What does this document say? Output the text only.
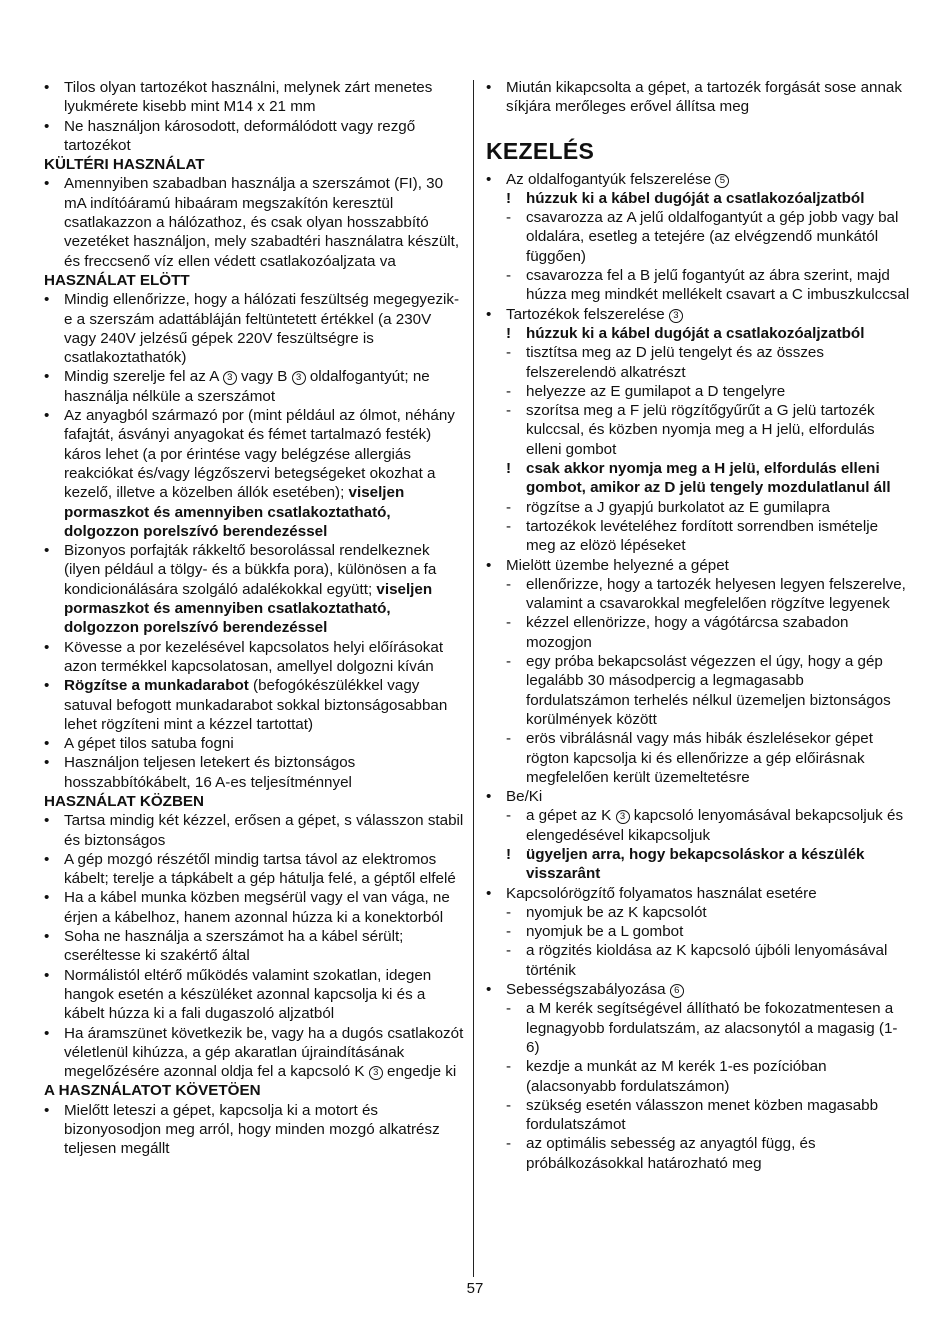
• Tilos olyan tartozékot használni, melynek zárt menetes lyukmérete kisebb mint M14 x 21 mm
• Ne használjon károsodott, deformálódott vagy rezgő tartozékot
KÜLTÉRI HASZNÁLAT
• Amennyiben szabadban használja a szerszámot (FI), 30 mA indítóáramú hibaáram megszakítón keresztül csatlakazzon a hálózathoz, és csak olyan hosszabbító vezetéket használjon, mely szabadtéri használatra készült, és freccsenő víz ellen védett csatlakozóaljzata va
HASZNÁLAT ELÖTT
• Mindig ellenőrizze, hogy a hálózati feszültség megegyezik-e a szerszám adattábláján feltüntetett értékkel (a 230V vagy 240V jelzésű gépek 220V feszültségre is csatlakoztathatók)
• Mindig szerelje fel az A 3 vagy B 3 oldalfogantyút; ne használja nélküle a szerszámot
• Az anyagból származó por (mint például az ólmot, néhány fafajtát, ásványi anyagokat és fémet tartalmazó festék) káros lehet (a por érintése vagy belégzése allergiás reakciókat és/vagy légzőszervi betegségeket okozhat a kezelő, illetve a közelben állók esetében); viseljen pormaszkot és amennyiben csatlakoztatható, dolgozzon porelszívó berendezéssel
• Bizonyos porfajták rákkeltő besorolással rendelkeznek (ilyen például a tölgy- és a bükkfa pora), különösen a fa kondicionálására szolgáló adalékokkal együtt; viseljen pormaszkot és amennyiben csatlakoztatható, dolgozzon porelszívó berendezéssel
• Kövesse a por kezelésével kapcsolatos helyi előírásokat azon termékkel kapcsolatosan, amellyel dolgozni kíván
• Rögzítse a munkadarabot (befogókészülékkel vagy satuval befogott munkadarabot sokkal biztonságosabban lehet rögzíteni mint a kézzel tartottat)
• A gépet tilos satuba fogni
• Használjon teljesen letekert és biztonságos hosszabbítókábelt, 16 A-es teljesítménnyel
HASZNÁLAT KÖZBEN
• Tartsa mindig két kézzel, erősen a gépet, s válasszon stabil és biztonságos
• A gép mozgó részétől mindig tartsa távol az elektromos kábelt; terelje a tápkábelt a gép hátulja felé, a géptől elfelé
• Ha a kábel munka közben megsérül vagy el van vága, ne érjen a kábelhoz, hanem azonnal húzza ki a konektorból
• Soha ne használja a szerszámot ha a kábel sérült; cseréltesse ki szakértő által
• Normálistól eltérő működés valamint szokatlan, idegen hangok esetén a készüléket azonnal kapcsolja ki és a kábelt húzza ki a fali dugaszoló aljzatból
• Ha áramszünet következik be, vagy ha a dugós csatlakozót véletlenül kihúzza, a gép akaratlan újraindításának megelőzésére azonnal oldja fel a kapcsoló K 3 engedje ki
A HASZNÁLATOT KÖVETÖEN
• Mielőtt leteszi a gépet, kapcsolja ki a motort és bizonyosodjon meg arról, hogy minden mozgó alkatrész teljesen megállt
• Miután kikapcsolta a gépet, a tartozék forgását sose annak síkjára merőleges erővel állítsa meg
KEZELÉS
• Az oldalfogantyúk felszerelése 5
! húzzuk ki a kábel dugóját a csatlakozóaljzatból
- csavarozza az A jelű oldalfogantyút a gép jobb vagy bal oldalára, esetleg a tetejére (az elvégzendő munkától függően)
- csavarozza fel a B jelű fogantyút az ábra szerint, majd húzza meg mindkét mellékelt csavart a C imbuszkulccsal
• Tartozékok felszerelése 3
! húzzuk ki a kábel dugóját a csatlakozóaljzatból
- tisztítsa meg az D jelü tengelyt és az összes felszerelendö alkatrészt
- helyezze az E gumilapot a D tengelyre
- szorítsa meg a F jelü rögzítőgyűrűt a G jelü tartozék kulccsal, és közben nyomja meg a H jelü, elfordulás elleni gombot
! csak akkor nyomja meg a H jelü, elfordulás elleni gombot, amikor az D jelü tengely mozdulatlanul áll
- rögzítse a J gyapjú burkolatot az E gumilapra
- tartozékok levételéhez fordított sorrendben ismételje meg az elözö lépéseket
• Mielött üzembe helyezné a gépet
- ellenőrizze, hogy a tartozék helyesen legyen felszerelve, valamint a csavarokkal megfelelően rögzítve legyenek
- kézzel ellenörizze, hogy a vágótárcsa szabadon mozogjon
- egy próba bekapcsolást végezzen el úgy, hogy a gép legalább 30 másodpercig a legmagasabb fordulatszámon terhelés nélkul üzemeljen biztonságos korülmények között
- erös vibrálásnál vagy más hibák észlelésekor gépet rögton kapcsolja ki és ellenőrizze a gép előirásnak megfelelően került üzemeltetésre
• Be/Ki
- a gépet az K 3 kapcsoló lenyomásával bekapcsoljuk és elengedésével kikapcsoljuk
! ügyeljen arra, hogy bekapcsoláskor a készülék visszarânt
• Kapcsolórögzítő folyamatos használat esetére
- nyomjuk be az K kapcsolót
- nyomjuk be a L gombot
- a rögzités kioldása az K kapcsoló újbóli lenyomásával történik
• Sebességszabályozása 6
- a M kerék segítségével állítható be fokozatmentesen a legnagyobb fordulatszám, az alacsonytól a magasig (1-6)
- kezdje a munkát az M kerék 1-es pozícióban (alacsonyabb fordulatszámon)
- szükség esetén válasszon menet közben magasabb fordulatszámot
- az optimális sebesség az anyagtól függ, és próbálkozásokkal határozható meg
57
